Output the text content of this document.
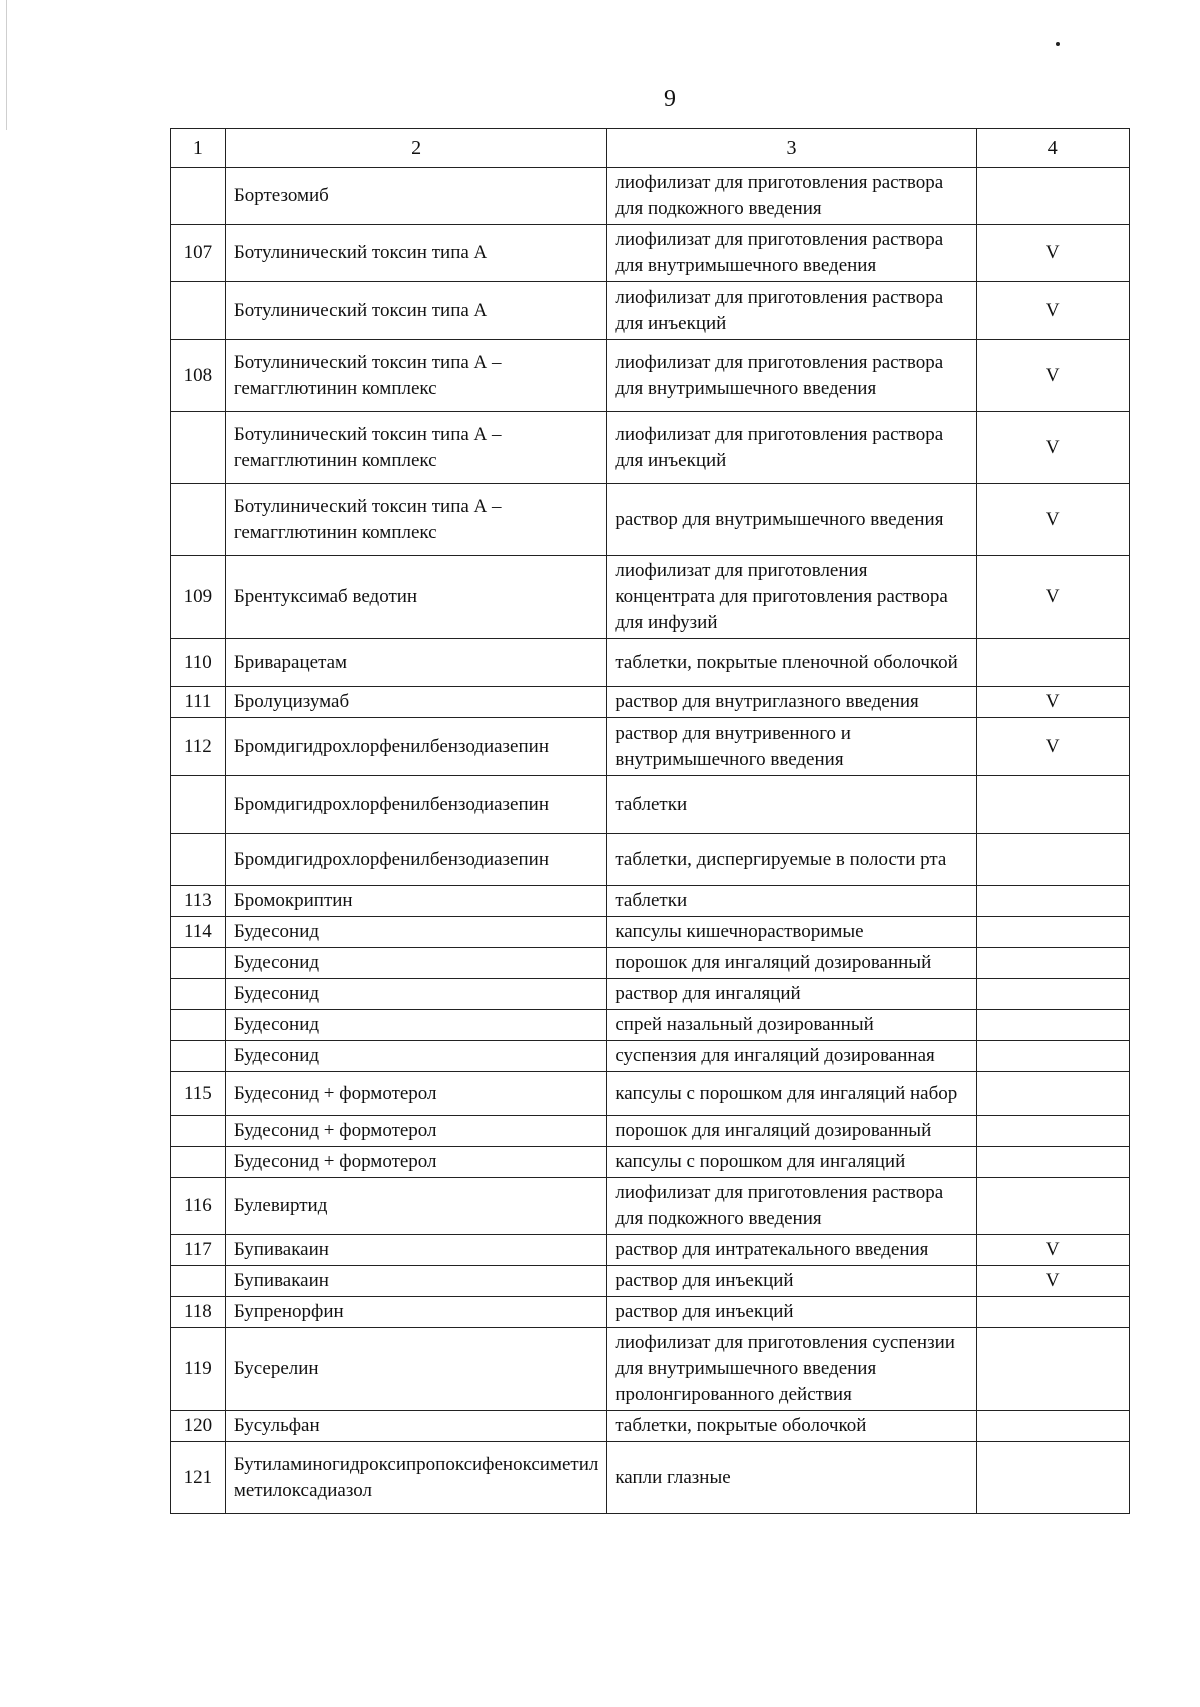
9
1	2	3	4
	Бортезомиб	лиофилизат для приготовления раствора для подкожного введения	
107	Ботулинический токсин типа А	лиофилизат для приготовления раствора для внутримышечного введения	V
	Ботулинический токсин типа А	лиофилизат для приготовления раствора для инъекций	V
108	Ботулинический токсин типа А – гемагглютинин комплекс	лиофилизат для приготовления раствора для внутримышечного введения	V
	Ботулинический токсин типа А – гемагглютинин комплекс	лиофилизат для приготовления раствора для инъекций	V
	Ботулинический токсин типа А – гемагглютинин комплекс	раствор для внутримышечного введения	V
109	Брентуксимаб ведотин	лиофилизат для приготовления концентрата для приготовления раствора для инфузий	V
110	Бриварацетам	таблетки, покрытые пленочной оболочкой	
111	Бролуцизумаб	раствор для внутриглазного введения	V
112	Бромдигидрохлорфенилбензодиазепин	раствор для внутривенного и внутримышечного введения	V
	Бромдигидрохлорфенилбензодиазепин	таблетки	
	Бромдигидрохлорфенилбензодиазепин	таблетки, диспергируемые в полости рта	
113	Бромокриптин	таблетки	
114	Будесонид	капсулы кишечнорастворимые	
	Будесонид	порошок для ингаляций дозированный	
	Будесонид	раствор для ингаляций	
	Будесонид	спрей назальный дозированный	
	Будесонид	суспензия для ингаляций дозированная	
115	Будесонид + формотерол	капсулы с порошком для ингаляций набор	
	Будесонид + формотерол	порошок для ингаляций дозированный	
	Будесонид + формотерол	капсулы с порошком для ингаляций	
116	Булевиртид	лиофилизат для приготовления раствора для подкожного введения	
117	Бупивакаин	раствор для интратекального введения	V
	Бупивакаин	раствор для инъекций	V
118	Бупренорфин	раствор для инъекций	
119	Бусерелин	лиофилизат для приготовления суспензии для внутримышечного введения пролонгированного действия	
120	Бусульфан	таблетки, покрытые оболочкой	
121	Бутиламиногидроксипропоксифеноксиметил метилоксадиазол	капли глазные	
